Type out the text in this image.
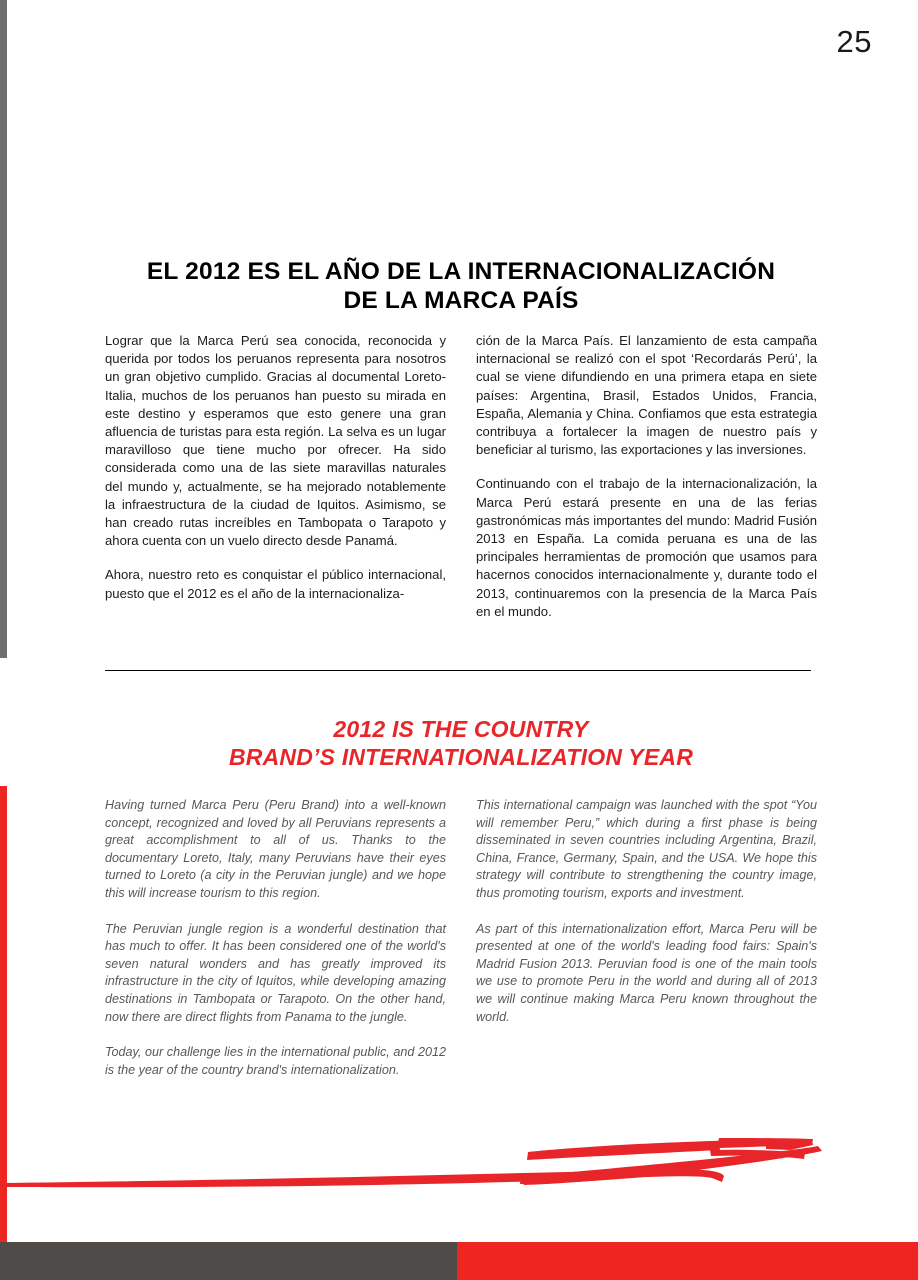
25
EL 2012 ES EL AÑO DE LA INTERNACIONALIZACIÓN
DE LA MARCA PAÍS

Lograr que la Marca Perú sea conocida, reconocida y querida por todos los peruanos representa para nosotros un gran objetivo cumplido. Gracias al documental Loreto-Italia, muchos de los peruanos han puesto su mirada en este destino y esperamos que esto genere una gran afluencia de turistas para esta región. La selva es un lugar maravilloso que tiene mucho por ofrecer. Ha sido considerada como una de las siete maravillas naturales del mundo y, actualmente, se ha mejorado notablemente la infraestructura de la ciudad de Iquitos. Asimismo, se han creado rutas increíbles en Tambopata o Tarapoto y ahora cuenta con un vuelo directo desde Panamá.

Ahora, nuestro reto es conquistar el público internacional, puesto que el 2012 es el año de la internacionaliza-

ción de la Marca País. El lanzamiento de esta campaña internacional se realizó con el spot ‘Recordarás Perú’, la cual se viene difundiendo en una primera etapa en siete países: Argentina, Brasil, Estados Unidos, Francia, España, Alemania y China. Confiamos que esta estrategia contribuya a fortalecer la imagen de nuestro país y beneficiar al turismo, las exportaciones y las inversiones.

Continuando con el trabajo de la internacionalización, la Marca Perú estará presente en una de las ferias gastronómicas más importantes del mundo: Madrid Fusión 2013 en España. La comida peruana es una de las principales herramientas de promoción que usamos para hacernos conocidos internacionalmente y, durante todo el 2013, continuaremos con la presencia de la Marca País en el mundo.

2012 IS THE COUNTRY
BRAND’S INTERNATIONALIZATION YEAR

Having turned Marca Peru (Peru Brand) into a well-known concept, recognized and loved by all Peruvians represents a great accomplishment to all of us. Thanks to the documentary Loreto, Italy, many Peruvians have their eyes turned to Loreto (a city in the Peruvian jungle) and we hope this will increase tourism to this region.

The Peruvian jungle region is a wonderful destination that has much to offer. It has been considered one of the world's seven natural wonders and has greatly improved its infrastructure in the city of Iquitos, while developing amazing destinations in Tambopata or Tarapoto. On the other hand, now there are direct flights from Panama to the jungle.

Today, our challenge lies in the international public, and 2012 is the year of the country brand's internationalization.

This international campaign was launched with the spot “You will remember Peru,” which during a first phase is being disseminated in seven countries including Argentina, Brazil, China, France, Germany, Spain, and the USA. We hope this strategy will contribute to strengthening the country image, thus promoting tourism, exports and investment.

As part of this internationalization effort, Marca Peru will be presented at one of the world's leading food fairs: Spain's Madrid Fusion 2013. Peruvian food is one of the main tools we use to promote Peru in the world and during all of 2013 we will continue making Marca Peru known throughout the world.
